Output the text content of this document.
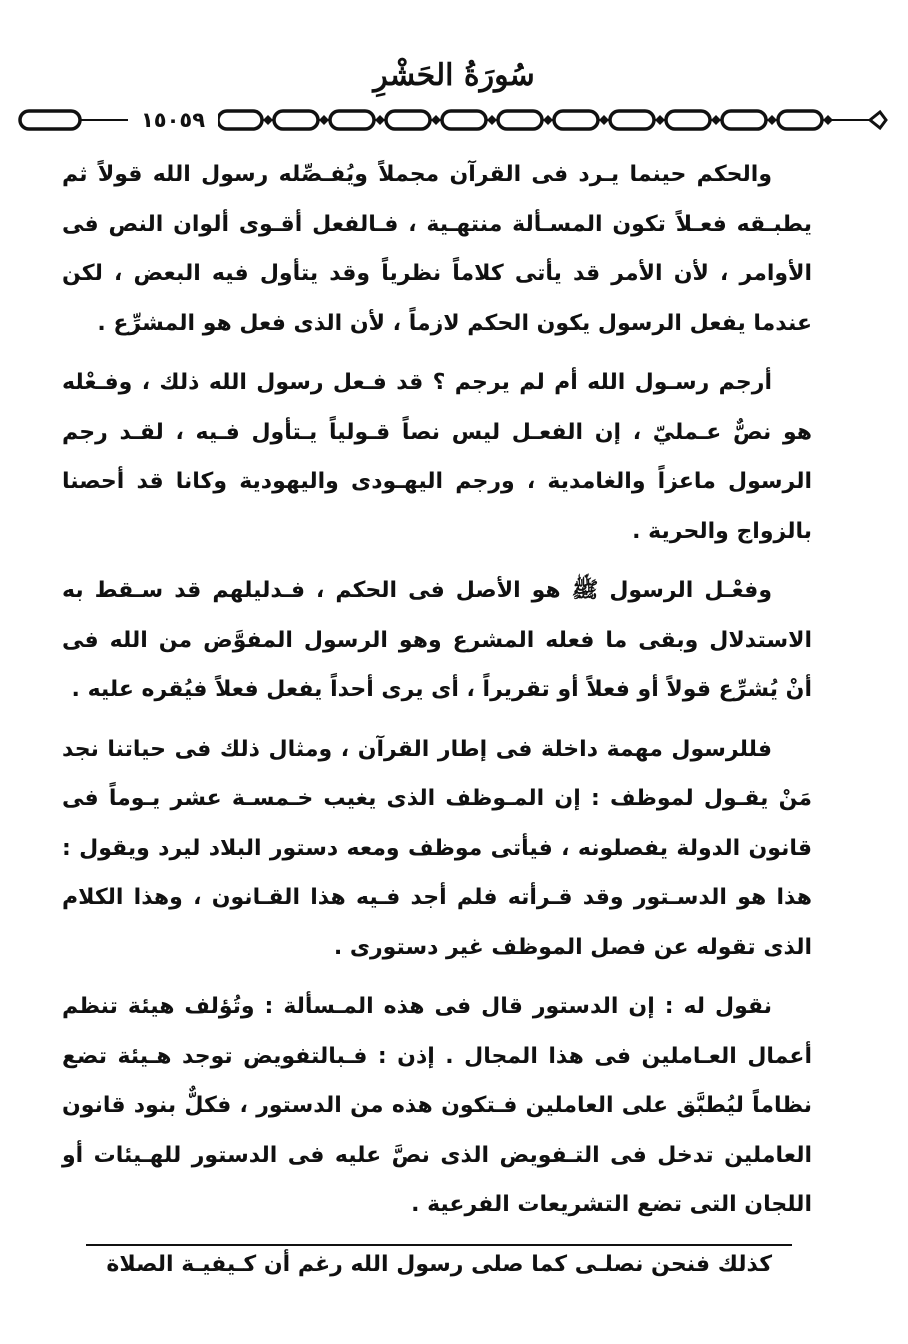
سُورَةُ الحَشْرِ
١٥٠٥٩

والحكم حينما يـرد فى القرآن مجملاً ويُفـصِّله رسول الله قولاً ثم يطبـقه فعـلاً تكون المسـألة منتهـية ، فـالفعل أقـوى ألوان النص فى الأوامر ، لأن الأمر قد يأتى كلاماً نظرياً وقد يتأول فيه البعض ، لكن عندما يفعل الرسول يكون الحكم لازماً ، لأن الذى فعل هو المشرِّع .

أرجم رسـول الله أم لم يرجم ؟ قد فـعل رسول الله ذلك ، وفـعْله هو نصٌّ عـمليّ ، إن الفعـل ليس نصاً قـولياً يـتأول فـيه ، لقـد رجم الرسول ماعزاً والغامدية ، ورجم اليهـودى واليهودية وكانا قد أحصنا بالزواج والحرية .

وفعْـل الرسول ﷺ هو الأصل فى الحكم ، فـدليلهم قد سـقط به الاستدلال وبقى ما فعله المشرع وهو الرسول المفوَّض من الله فى أنْ يُشرِّع قولاً أو فعلاً أو تقريراً ، أى يرى أحداً يفعل فعلاً فيُقره عليه .

فللرسول مهمة داخلة فى إطار القرآن ، ومثال ذلك فى حياتنا نجد مَنْ يقـول لموظف : إن المـوظف الذى يغيب خـمسـة عشر يـوماً فى قانون الدولة يفصلونه ، فيأتى موظف ومعه دستور البلاد ليرد ويقول : هذا هو الدسـتور وقد قـرأته فلم أجد فـيه هذا القـانون ، وهذا الكلام الذى تقوله عن فصل الموظف غير دستورى .

نقول له : إن الدستور قال فى هذه المـسألة : وتُؤلف هيئة تنظم أعمال العـاملين فى هذا المجال . إذن : فـبالتفويض توجد هـيئة تضع نظاماً ليُطبَّق على العاملين فـتكون هذه من الدستور ، فكلٌّ بنود قانون العاملين تدخل فى التـفويض الذى نصَّ عليه فى الدستور للهـيئات أو اللجان التى تضع التشريعات الفرعية .

كذلك فنحن نصلـى كما صلى رسول الله رغم أن كـيفيـة الصلاة
